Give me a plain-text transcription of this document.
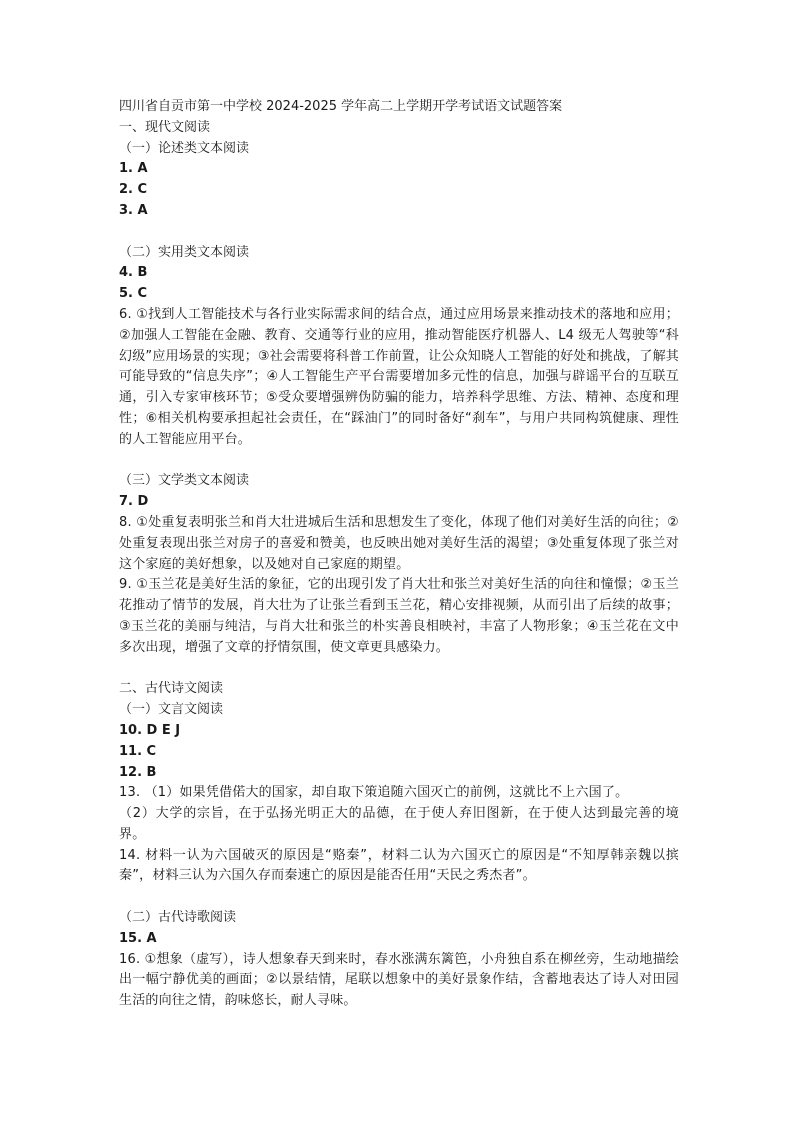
四川省自贡市第一中学校 2024-2025 学年高二上学期开学考试语文试题答案
一、现代文阅读
（一）论述类文本阅读
1. A
2. C
3. A
（二）实用类文本阅读
4. B
5. C
6. ①找到人工智能技术与各行业实际需求间的结合点，通过应用场景来推动技术的落地和应用；②加强人工智能在金融、教育、交通等行业的应用，推动智能医疗机器人、L4 级无人驾驶等“科幻级”应用场景的实现；③社会需要将科普工作前置，让公众知晓人工智能的好处和挑战，了解其可能导致的“信息失序”；④人工智能生产平台需要增加多元性的信息，加强与辟谣平台的互联互通，引入专家审核环节；⑤受众要增强辨伪防骗的能力，培养科学思维、方法、精神、态度和理性；⑥相关机构要承担起社会责任，在“踩油门”的同时备好“刹车”，与用户共同构筑健康、理性的人工智能应用平台。
（三）文学类文本阅读
7. D
8. ①处重复表明张兰和肖大壮进城后生活和思想发生了变化，体现了他们对美好生活的向往；②处重复表现出张兰对房子的喜爱和赞美，也反映出她对美好生活的渴望；③处重复体现了张兰对这个家庭的美好想象，以及她对自己家庭的期望。
9. ①玉兰花是美好生活的象征，它的出现引发了肖大壮和张兰对美好生活的向往和憧憬；②玉兰花推动了情节的发展，肖大壮为了让张兰看到玉兰花，精心安排视频，从而引出了后续的故事；③玉兰花的美丽与纯洁，与肖大壮和张兰的朴实善良相映衬，丰富了人物形象；④玉兰花在文中多次出现，增强了文章的抒情氛围，使文章更具感染力。
二、古代诗文阅读
（一）文言文阅读
10. D E J
11. C
12. B
13. （1）如果凭借偌大的国家，却自取下策追随六国灭亡的前例，这就比不上六国了。
（2）大学的宗旨，在于弘扬光明正大的品德，在于使人弃旧图新，在于使人达到最完善的境界。
14. 材料一认为六国破灭的原因是“赂秦”，材料二认为六国灭亡的原因是“不知厚韩亲魏以摈秦”，材料三认为六国久存而秦速亡的原因是能否任用“天民之秀杰者”。
（二）古代诗歌阅读
15. A
16. ①想象（虚写），诗人想象春天到来时，春水涨满东篱笆，小舟独自系在柳丝旁，生动地描绘出一幅宁静优美的画面；②以景结情，尾联以想象中的美好景象作结，含蓄地表达了诗人对田园生活的向往之情，韵味悠长，耐人寻味。
